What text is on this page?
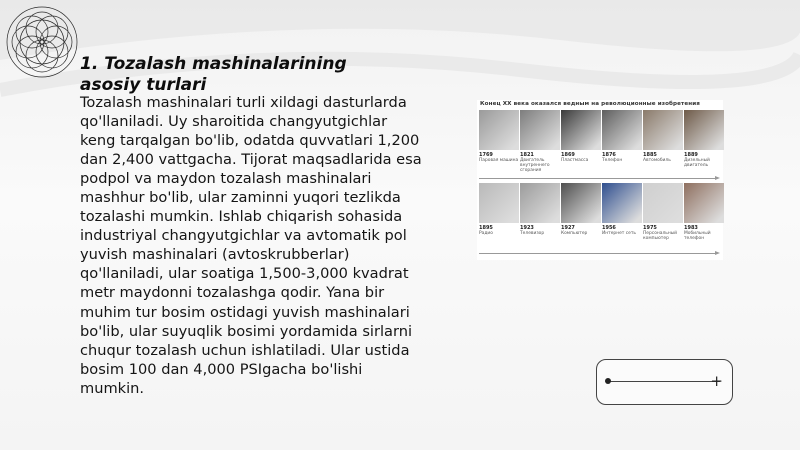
1. Tozalash mashinalarining asosiy turlari

Tozalash mashinalari turli xildagi dasturlarda qo'llaniladi. Uy sharoitida changyutgichlar keng tarqalgan bo'lib, odatda quvvatlari 1,200 dan 2,400 vattgacha. Tijorat maqsadlarida esa podpol va maydon tozalash mashinalari mashhur bo'lib, ular zaminni yuqori tezlikda tozalashi mumkin. Ishlab chiqarish sohasida industriyal changyutgichlar va avtomatik pol yuvish mashinalari (avtoskrubberlar) qo'llaniladi, ular soatiga 1,500-3,000 kvadrat metr maydonni tozalashga qodir. Yana bir muhim tur bosim ostidagi yuvish mashinalari bo'lib, ular suyuqlik bosimi yordamida sirlarni chuqur tozalash uchun ishlatiladi. Ular ustida bosim 100 dan 4,000 PSIgacha bo'lishi mumkin.

Конец XX века оказался ведным на революционные изобретения
1769
Паровая машина
1821
Двигатель внутреннего сгорания
1869
Пластмасса
1876
Телефон
1885
Автомобиль
1889
Дизельный двигатель
1895
Радио
1923
Телевизор
1927
Компьютер
1956
Интернет сеть
1975
Персональный компьютер
1983
Мобильный телефон
+
